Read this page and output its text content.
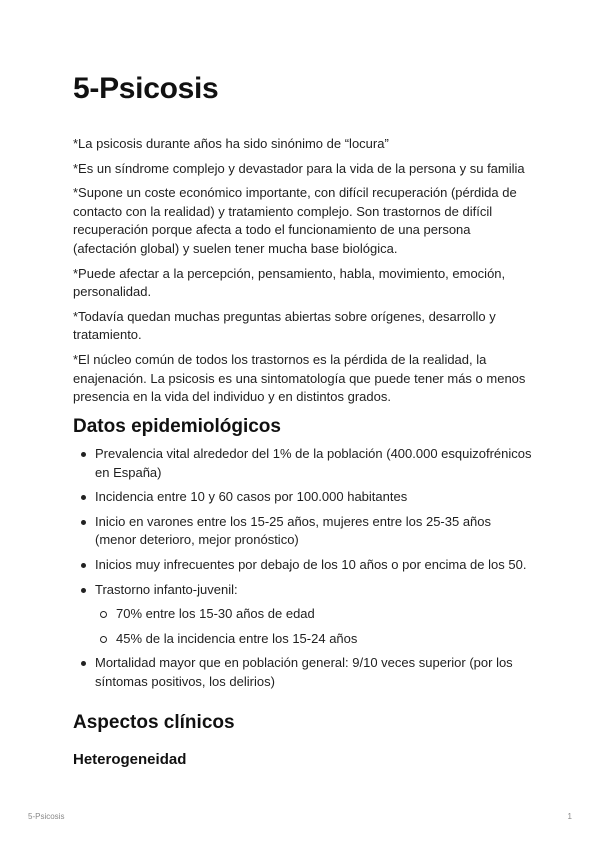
5-Psicosis

*La psicosis durante años ha sido sinónimo de “locura”

*Es un síndrome complejo y devastador para la vida de la persona y su familia

*Supone un coste económico importante, con difícil recuperación (pérdida de contacto con la realidad) y tratamiento complejo. Son trastornos de difícil recuperación porque afecta a todo el funcionamiento de una persona (afectación global) y suelen tener mucha base biológica.

*Puede afectar a la percepción, pensamiento, habla, movimiento, emoción, personalidad.

*Todavía quedan muchas preguntas abiertas sobre orígenes, desarrollo y tratamiento.

*El núcleo común de todos los trastornos es la pérdida de la realidad, la enajenación. La psicosis es una sintomatología que puede tener más o menos presencia en la vida del individuo y en distintos grados.

Datos epidemiológicos
Prevalencia vital alrededor del 1% de la población (400.000 esquizofrénicos en España)
Incidencia entre 10 y 60 casos por 100.000 habitantes
Inicio en varones entre los 15-25 años, mujeres entre los 25-35 años (menor deterioro, mejor pronóstico)
Inicios muy infrecuentes por debajo de los 10 años o por encima de los 50.
Trastorno infanto-juvenil:
70% entre los 15-30 años de edad
45% de la incidencia entre los 15-24 años
Mortalidad mayor que en población general: 9/10 veces superior (por los síntomas positivos, los delirios)
Aspectos clínicos
Heterogeneidad
5-Psicosis	1
